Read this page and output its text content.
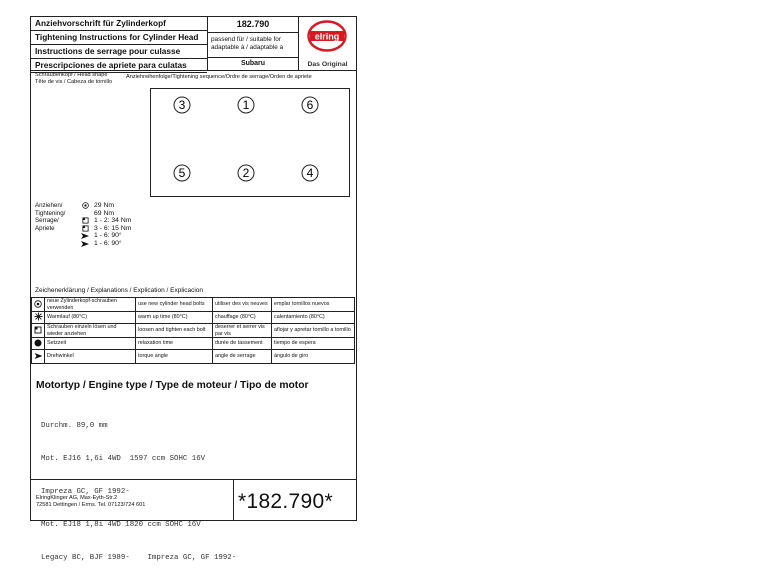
Anziehvorschrift für Zylinderkopf
Tightening Instructions for Cylinder Head
Instructions de serrage pour culasse
Prescripciones de apriete para culatas
182.790
passend für / suitable for
adaptable à / adaptable a
Subaru
elring
Das Original
Schraubenkopf / Head shape
Tête de vis / Cabeza de tornillo
Anziehreihenfolge/Tightening sequence/Ordre de serrage/Orden de apriete
3	1	6
5	2	4
Anziehen/
Tightening/
Serrage/
Apriete
29 Nm
69 Nm
1 - 2: 34 Nm
3 - 6: 15 Nm
1 - 6: 90°
1 - 6: 90°
Zeichenerklärung / Explanations / Explication / Explicacion
	neue Zylinderkopf-schrauben verwenden	use new cylinder head bolts	utiliser des vis neuves	emplar tornillos nuevos
	Warmlauf (80°C)	warm up time (80°C)	chauffage (80°C)	calentamiento (80°C)
	Schrauben einzeln lösen und wieder anziehen	loosen and tighten each bolt	deserrer et serrer vis par vis	aflojar y apretar tornillo a tornillo
	Setzzeit	relaxation time	durée de tassement	tiempo de espera
	Drehwinkel	torque angle	angle de serrage	ángulo de giro
Motortyp / Engine type / Type de moteur / Tipo de motor

Durchm. 89,0 mm

Mot. EJ16 1,6i 4WD  1597 ccm SOHC 16V

Impreza GC, GF 1992-

Mot. EJ18 1,8i 4WD 1820 ccm SOHC 16V

Legacy BC, BJF 1989-    Impreza GC, GF 1992-

ElringKlinger AG, Max-Eyth-Str.2
72581 Dettingen / Erms. Tel. 07123/724 601	*182.790*
